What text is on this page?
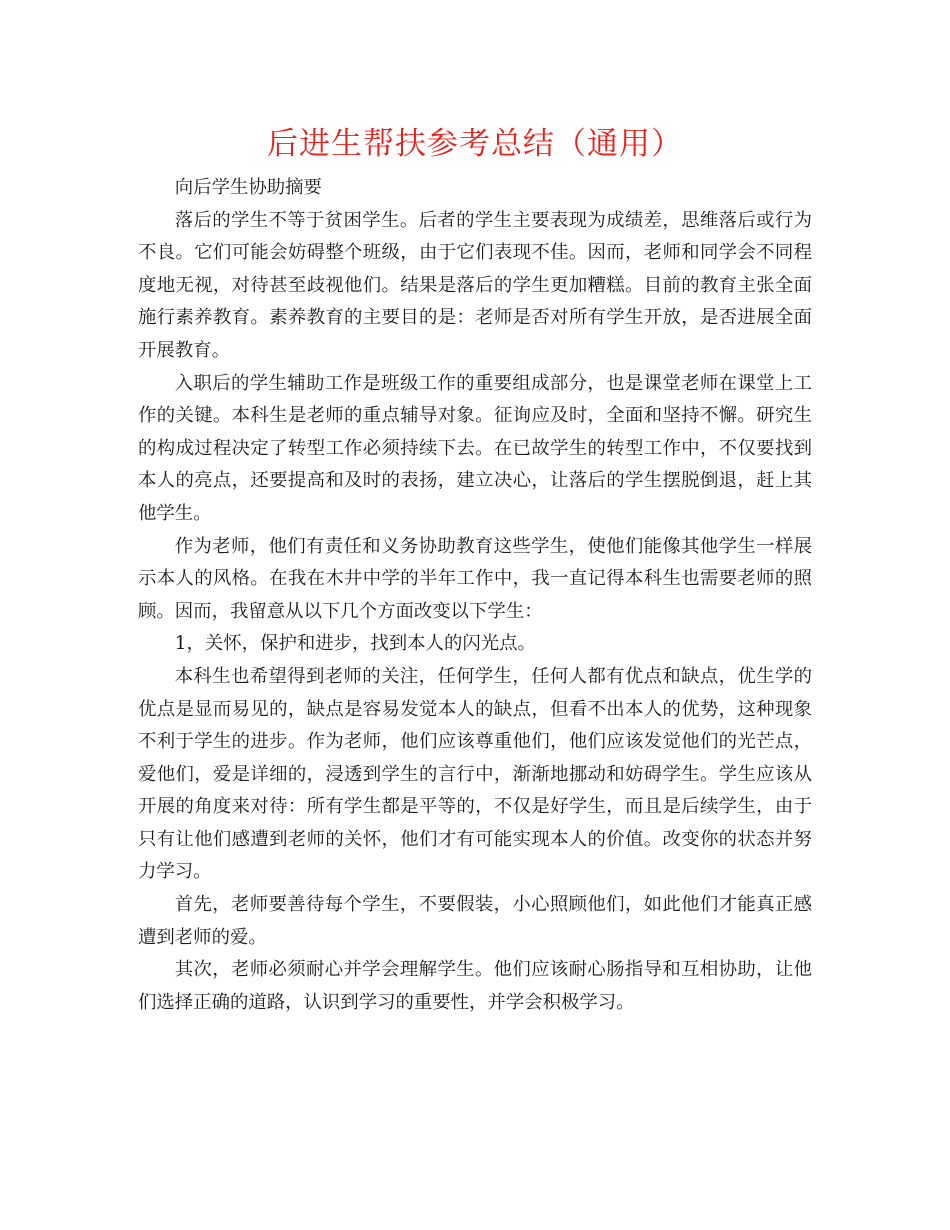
后进生帮扶参考总结（通用）

向后学生协助摘要

落后的学生不等于贫困学生。后者的学生主要表现为成绩差，思维落后或行为不良。它们可能会妨碍整个班级，由于它们表现不佳。因而，老师和同学会不同程度地无视，对待甚至歧视他们。结果是落后的学生更加糟糕。目前的教育主张全面施行素养教育。素养教育的主要目的是：老师是否对所有学生开放，是否进展全面开展教育。

入职后的学生辅助工作是班级工作的重要组成部分，也是课堂老师在课堂上工作的关键。本科生是老师的重点辅导对象。征询应及时，全面和坚持不懈。研究生的构成过程决定了转型工作必须持续下去。在已故学生的转型工作中，不仅要找到本人的亮点，还要提高和及时的表扬，建立决心，让落后的学生摆脱倒退，赶上其他学生。

作为老师，他们有责任和义务协助教育这些学生，使他们能像其他学生一样展示本人的风格。在我在木井中学的半年工作中，我一直记得本科生也需要老师的照顾。因而，我留意从以下几个方面改变以下学生：

1，关怀，保护和进步，找到本人的闪光点。

本科生也希望得到老师的关注，任何学生，任何人都有优点和缺点，优生学的优点是显而易见的，缺点是容易发觉本人的缺点，但看不出本人的优势，这种现象不利于学生的进步。作为老师，他们应该尊重他们，他们应该发觉他们的光芒点，爱他们，爱是详细的，浸透到学生的言行中，渐渐地挪动和妨碍学生。学生应该从开展的角度来对待：所有学生都是平等的，不仅是好学生，而且是后续学生，由于只有让他们感遭到老师的关怀，他们才有可能实现本人的价值。改变你的状态并努力学习。

首先，老师要善待每个学生，不要假装，小心照顾他们，如此他们才能真正感遭到老师的爱。

其次，老师必须耐心并学会理解学生。他们应该耐心肠指导和互相协助，让他们选择正确的道路，认识到学习的重要性，并学会积极学习。
